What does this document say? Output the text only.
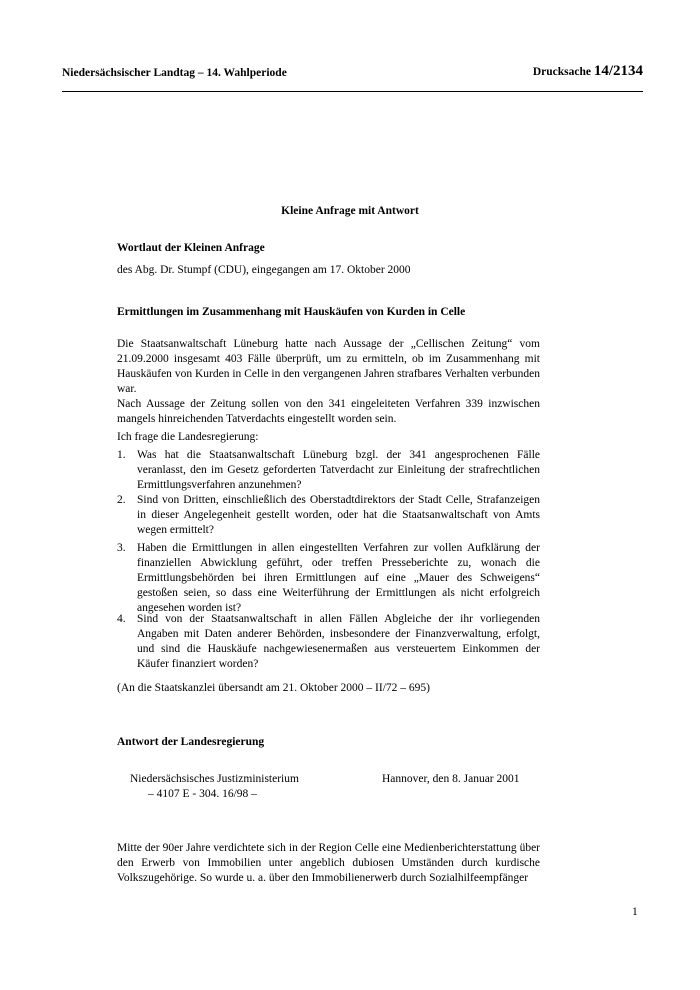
Niedersächsischer Landtag – 14. Wahlperiode	Drucksache 14/2134
Kleine Anfrage mit Antwort
Wortlaut der Kleinen Anfrage
des Abg. Dr. Stumpf (CDU), eingegangen am 17. Oktober 2000
Ermittlungen im Zusammenhang mit Hauskäufen von Kurden in Celle

Die Staatsanwaltschaft Lüneburg hatte nach Aussage der „Cellischen Zeitung“ vom 21.09.2000 insgesamt 403 Fälle überprüft, um zu ermitteln, ob im Zusammenhang mit Hauskäufen von Kurden in Celle in den vergangenen Jahren strafbares Verhalten verbunden war.

Nach Aussage der Zeitung sollen von den 341 eingeleiteten Verfahren 339 inzwischen mangels hinreichenden Tatverdachts eingestellt worden sein.

Ich frage die Landesregierung:

1. Was hat die Staatsanwaltschaft Lüneburg bzgl. der 341 angesprochenen Fälle veranlasst, den im Gesetz geforderten Tatverdacht zur Einleitung der strafrechtlichen Ermittlungsverfahren anzunehmen?
2. Sind von Dritten, einschließlich des Oberstadtdirektors der Stadt Celle, Strafanzeigen in dieser Angelegenheit gestellt worden, oder hat die Staatsanwaltschaft von Amts wegen ermittelt?
3. Haben die Ermittlungen in allen eingestellten Verfahren zur vollen Aufklärung der finanziellen Abwicklung geführt, oder treffen Presseberichte zu, wonach die Ermittlungsbehörden bei ihren Ermittlungen auf eine „Mauer des Schweigens“ gestoßen seien, so dass eine Weiterführung der Ermittlungen als nicht erfolgreich angesehen worden ist?
4. Sind von der Staatsanwaltschaft in allen Fällen Abgleiche der ihr vorliegenden Angaben mit Daten anderer Behörden, insbesondere der Finanzverwaltung, erfolgt, und sind die Hauskäufe nachgewiesenermaßen aus versteuertem Einkommen der Käufer finanziert worden?
(An die Staatskanzlei übersandt am 21. Oktober 2000 – II/72 – 695)
Antwort der Landesregierung
Niedersächsisches Justizministerium
– 4107 E - 304. 16/98 –
Hannover, den 8. Januar 2001

Mitte der 90er Jahre verdichtete sich in der Region Celle eine Medienberichterstattung über den Erwerb von Immobilien unter angeblich dubiosen Umständen durch kurdische Volkszugehörige. So wurde u. a. über den Immobilienerwerb durch Sozialhilfeempfänger

1
